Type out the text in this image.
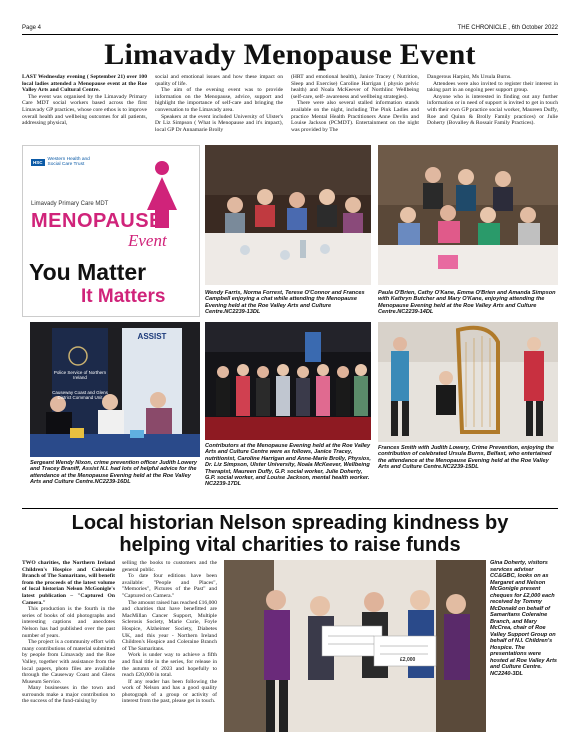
Page 4	THE CHRONICLE , 6th October 2022
Limavady Menopause Event

LAST Wednesday evening ( September 21) over 100 local ladies attended a Menopause event at the Roe Valley Arts and Cultural Centre.

The event was organised by the Limavady Primary Care MDT social workers based across the first Limavady GP practices, whose core ethos is to improve overall health and wellbeing outcomes for all patients, addressing physical,

social and emotional issues and how these impact on quality of life.

The aim of the evening event was to provide information on the Menopause, advice, support and highlight the importance of self-care and bringing the conversation to the Limavady area.

Speakers at the event included University of Ulster's Dr Liz Simpson ( What is Menopause and it's impact), local GP Dr Annamarie Brolly

(HRT and emotional health), Janice Tracey ( Nutrition, Sleep and Exercise) Caroline Harrigan ( physio pelvic health) and Noala McKeever of Northlinc Wellbeing (self-care, self- awareness and wellbeing strategies).

There were also several stalled information stands available on the night, including The Pink Ladies and practice Mental Health Practitioners Anne Devlin and Louise Jackson (PCMDT). Entertainment on the night was provided by The

Dangerous Harpist, Ms Ursula Burns.

Attendees were also invited to register their interest in taking part in an ongoing peer support group.

Anyone who is interested in finding out any further information or in need of support is invited to get in touch with their own GP practice social worker, Maureen Duffy, Roe and Quinn & Brolly Family practices) or Julie Doherty (Bovalley & Rossair Family Practices).

HSC
Western Health and Social Care Trust
Limavady Primary Care MDT
MENOPAUSE
Event
You Matter
It Matters	Wendy Farris, Norma Forrest, Terese O'Connor and Frances Campbell enjoying a chat while attending the Menopause Evening held at the Roe Valley Arts and Culture Centre.NC2239-13DL
Paula O'Brien, Cathy O'Kane, Emma O'Brien and Amanda Simpson with Kathryn Butcher and Mary O'Kane, enjoying attending the Menopause Evening held at the Roe Valley Arts and Culture Centre.NC2239-14DL
Police Service of Northern Ireland
Causeway Coast and Glens District Command Unit
ASSIST
Sergeant Wendy Nixon, crime prevention officer Judith Lowery and Tracey Braniff, Assist N.I. had lots of helpful advice for the attendance at the Menopause Evening held at the Roe Valley Arts and Culture Centre.NC2239-16DL
Contributors at the Menopause Evening held at the Roe Valley Arts and Culture Centre were as follows, Janice Tracey, nutritionist, Caroline Harrigan and Anne-Marie Brolly, Physios, Dr. Liz Simpson, Ulster University, Noala McKeever, Wellbeing Therapist, Maureen Duffy, G.P. social worker, Julie Doherty, G.P. social worker, and Louise Jackson, mental health worker. NC2239-17DL
Frances Smith with Judith Lowery, Crime Prevention, enjoying the contribution of celebrated Ursula Burns, Belfast, who entertained the attendance at the Menopause Evening held at the Roe Valley Arts and Culture Centre.NC2239-15DL
Local historian Nelson spreading kindness by
helping vital charities to raise funds

TWO charities, the Northern Ireland Children's Hospice and Coleraine Branch of The Samaritans, will benefit from the proceeds of the latest volume of local historian Nelson McGonigle's latest publication – "Captured On Camera."

This production is the fourth in the series of books of old photographs and interesting captions and anecdotes Nelson has had published over the past number of years.

The project is a community effort with many contributions of material submitted by people from Limavady and the Roe Valley, together with assistance from the local papers, photo files are available through the Causeway Coast and Glens Museum Service.

Many businesses in the town and surrounds make a major contribution to the success of the fund-raising by

selling the books to customers and the general public.

To date four editions have been available: "People and Places", "Memories", Pictures of the Past" and "Captured on Camera."

The amount raised has reached £16,000 and charities that have benefitted are MacMillan Cancer Support, Multiple Sclerosis Society, Marie Curie, Foyle Hospice, Alzheimer Society, Diabetes UK, and this year - Northern Ireland Children's Hospice and Coleraine Branch of The Samaritans.

Work is under way to achieve a fifth and final title in the series, for release in the autumn of 2023 and hopefully to reach £20,000 in total.

If any reader has been following the work of Nelson and has a good quality photograph of a group or activity of interest from the past, please get in touch.

£2,000
Gina Doherty, visitors services adviser CC&GBC, looks on as Margaret and Nelson McGonigle present cheques for £2,000 each received by Tommy McDonald on behalf of Samaritans Coleraine Branch, and Mary McCrea, chair of Roe Valley Support Group on behalf of N.I. Children's Hospice. The presentations were hosted at Roe Valley Arts and Culture Centre. NC2240-3DL
